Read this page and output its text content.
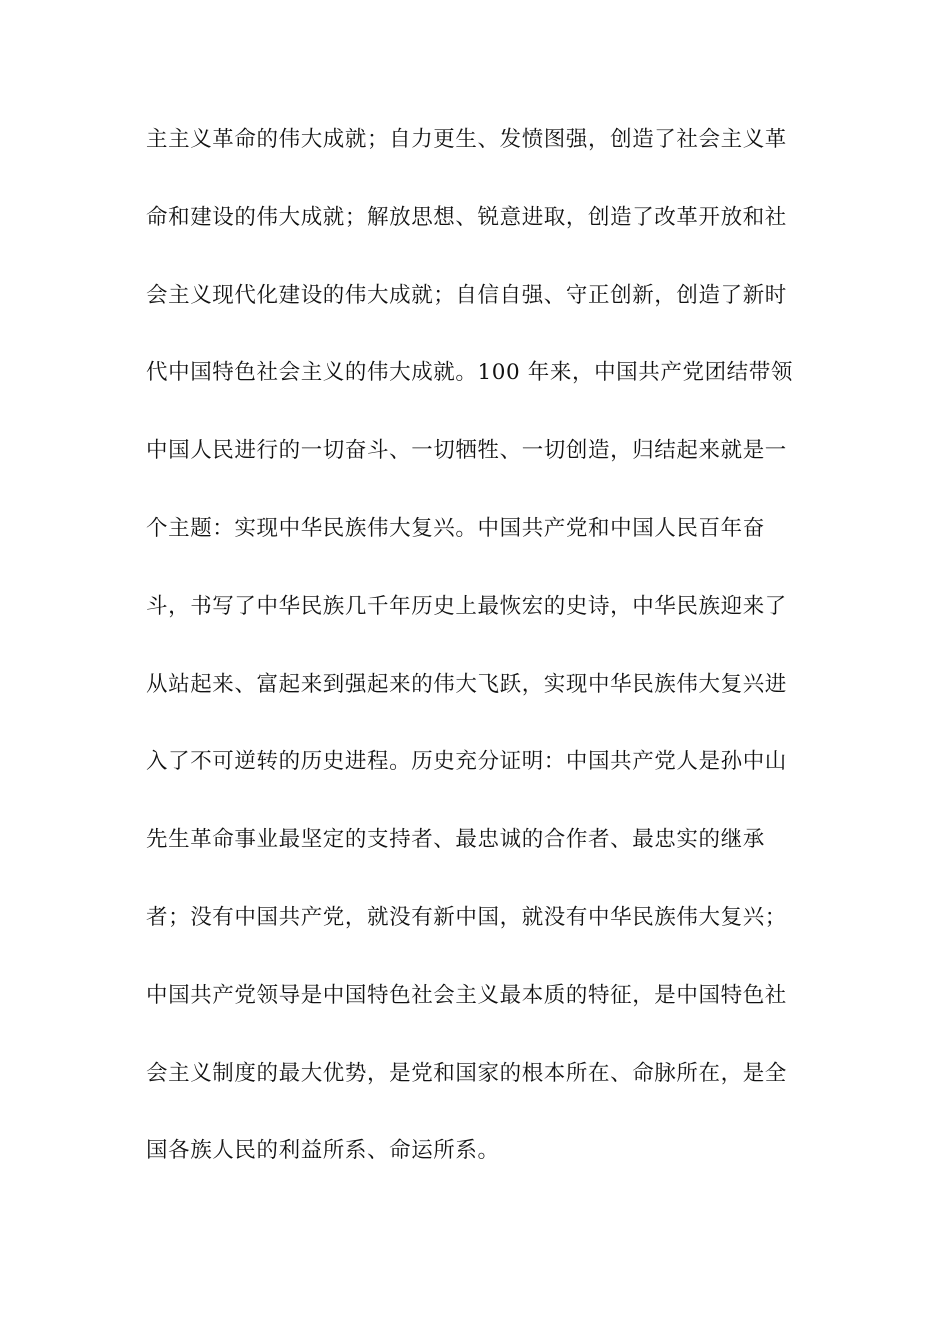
主主义革命的伟大成就；自力更生、发愤图强，创造了社会主义革
命和建设的伟大成就；解放思想、锐意进取，创造了改革开放和社
会主义现代化建设的伟大成就；自信自强、守正创新，创造了新时
代中国特色社会主义的伟大成就。100 年来，中国共产党团结带领
中国人民进行的一切奋斗、一切牺牲、一切创造，归结起来就是一
个主题：实现中华民族伟大复兴。中国共产党和中国人民百年奋
斗，书写了中华民族几千年历史上最恢宏的史诗，中华民族迎来了
从站起来、富起来到强起来的伟大飞跃，实现中华民族伟大复兴进
入了不可逆转的历史进程。历史充分证明：中国共产党人是孙中山
先生革命事业最坚定的支持者、最忠诚的合作者、最忠实的继承
者；没有中国共产党，就没有新中国，就没有中华民族伟大复兴；
中国共产党领导是中国特色社会主义最本质的特征，是中国特色社
会主义制度的最大优势，是党和国家的根本所在、命脉所在，是全
国各族人民的利益所系、命运所系。
